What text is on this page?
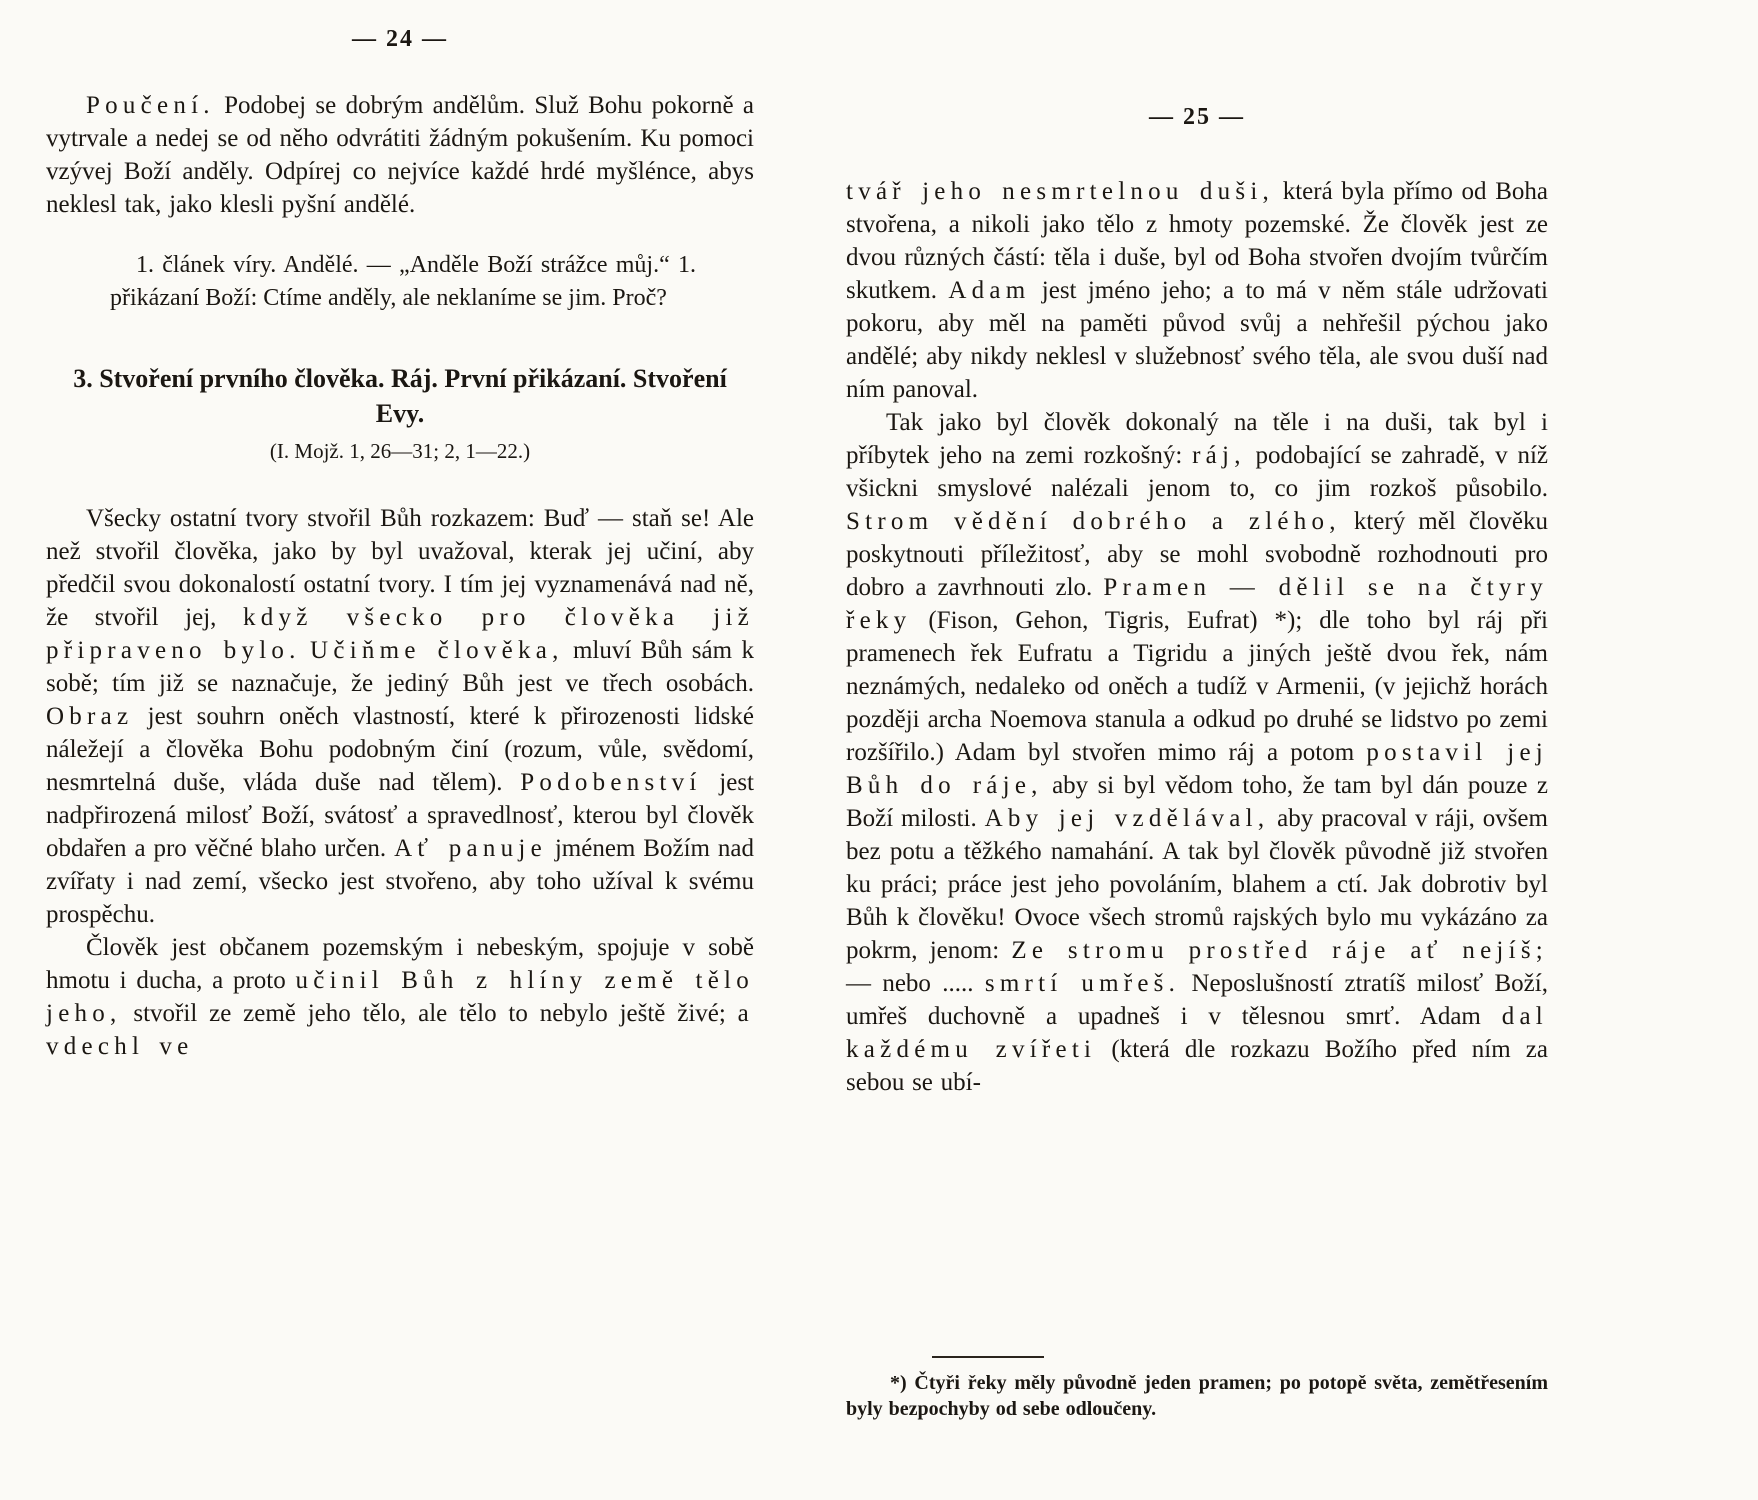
— 24 —

Poučení. Podobej se dobrým andělům. Služ Bohu pokorně a vytrvale a nedej se od něho odvrátiti žádným pokušením. Ku pomoci vzývej Boží anděly. Odpírej co nejvíce každé hrdé myšlénce, abys neklesl tak, jako klesli pyšní andělé.

1. článek víry. Andělé. — „Anděle Boží strážce můj.“ 1. přikázaní Boží: Ctíme anděly, ale neklaníme se jim. Proč?

3. Stvoření prvního člověka. Ráj. První přikázaní. Stvoření Evy.
(I. Mojž. 1, 26—31; 2, 1—22.)

Všecky ostatní tvory stvořil Bůh rozkazem: Buď — staň se! Ale než stvořil člověka, jako by byl uvažoval, kterak jej učiní, aby předčil svou dokonalostí ostatní tvory. I tím jej vyznamenává nad ně, že stvořil jej, když všecko pro člověka již připraveno bylo. Učiňme člověka, mluví Bůh sám k sobě; tím již se naznačuje, že jediný Bůh jest ve třech osobách. Obraz jest souhrn oněch vlastností, které k přirozenosti lidské náležejí a člověka Bohu podobným činí (rozum, vůle, svědomí, nesmrtelná duše, vláda duše nad tělem). Podobenství jest nadpřirozená milosť Boží, svátosť a spravedlnosť, kterou byl člověk obdařen a pro věčné blaho určen. Ať panuje jménem Božím nad zvířaty i nad zemí, všecko jest stvořeno, aby toho užíval k svému prospěchu.

Člověk jest občanem pozemským i nebeským, spojuje v sobě hmotu i ducha, a proto učinil Bůh z hlíny země tělo jeho, stvořil ze země jeho tělo, ale tělo to nebylo ještě živé; a vdechl ve

— 25 —

tvář jeho nesmrtelnou duši, která byla přímo od Boha stvořena, a nikoli jako tělo z hmoty pozemské. Že člověk jest ze dvou různých částí: těla i duše, byl od Boha stvořen dvojím tvůrčím skutkem. Adam jest jméno jeho; a to má v něm stále udržovati pokoru, aby měl na paměti původ svůj a nehřešil pýchou jako andělé; aby nikdy neklesl v služebnosť svého těla, ale svou duší nad ním panoval.

Tak jako byl člověk dokonalý na těle i na duši, tak byl i příbytek jeho na zemi rozkošný: ráj, podobající se zahradě, v níž všickni smyslové nalézali jenom to, co jim rozkoš působilo. Strom vědění dobrého a zlého, který měl člověku poskytnouti příležitosť, aby se mohl svobodně rozhodnouti pro dobro a zavrhnouti zlo. Pramen — dělil se na čtyry řeky (Fison, Gehon, Tigris, Eufrat) *); dle toho byl ráj při pramenech řek Eufratu a Tigridu a jiných ještě dvou řek, nám neznámých, nedaleko od oněch a tudíž v Armenii, (v jejichž horách později archa Noemova stanula a odkud po druhé se lidstvo po zemi rozšířilo.) Adam byl stvořen mimo ráj a potom postavil jej Bůh do ráje, aby si byl vědom toho, že tam byl dán pouze z Boží milosti. Aby jej vzdělával, aby pracoval v ráji, ovšem bez potu a těžkého namahání. A tak byl člověk původně již stvořen ku práci; práce jest jeho povoláním, blahem a ctí. Jak dobrotiv byl Bůh k člověku! Ovoce všech stromů rajských bylo mu vykázáno za pokrm, jenom: Ze stromu prostřed ráje ať nejíš; — nebo ..... smrtí umřeš. Neposlušností ztratíš milosť Boží, umřeš duchovně a upadneš i v tělesnou smrť. Adam dal každému zvířeti (která dle rozkazu Božího před ním za sebou se ubí-

*) Čtyři řeky měly původně jeden pramen; po potopě světa, zemětřesením byly bezpochyby od sebe odloučeny.
